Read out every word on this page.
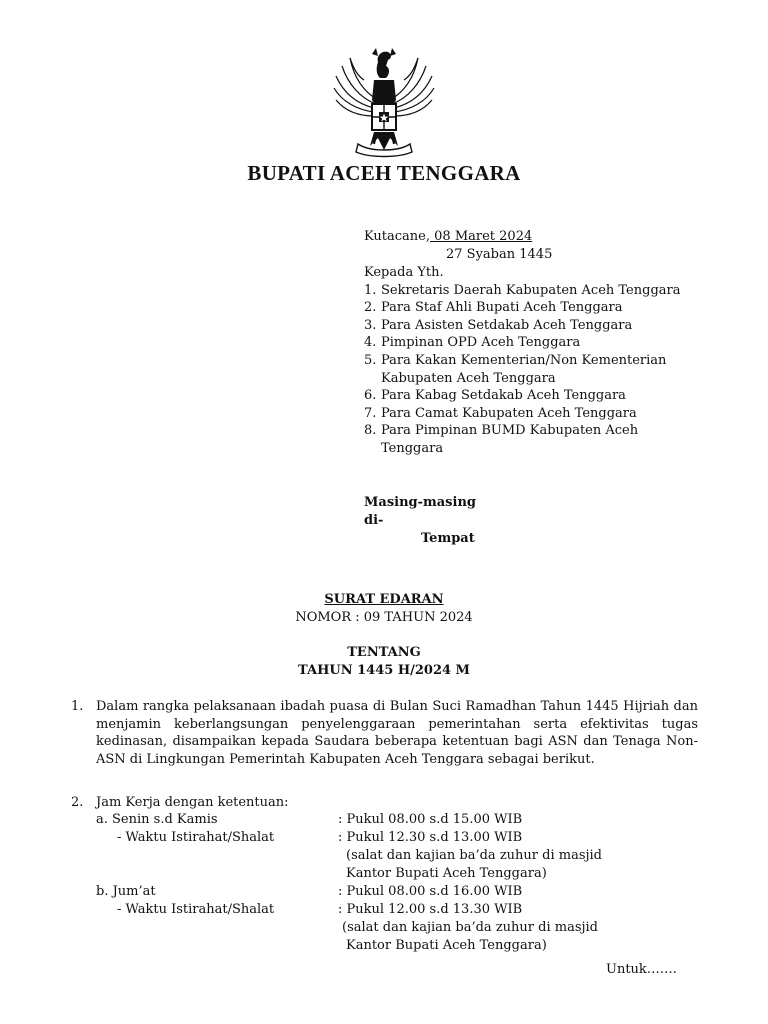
BUPATI ACEH TENGGARA
Kutacane, 08 Maret 2024
27 Syaban 1445
Kepada Yth.
1. Sekretaris Daerah Kabupaten Aceh Tenggara
2. Para Staf Ahli Bupati Aceh Tenggara
3. Para Asisten Setdakab Aceh Tenggara
4. Pimpinan OPD Aceh Tenggara
5. Para Kakan Kementerian/Non Kementerian Kabupaten Aceh Tenggara
6. Para Kabag Setdakab Aceh Tenggara
7. Para Camat Kabupaten Aceh Tenggara
8. Para Pimpinan BUMD Kabupaten Aceh Tenggara
Masing-masing
di-
Tempat
SURAT EDARAN
NOMOR : 09 TAHUN 2024
TENTANG
TAHUN 1445 H/2024 M
1. Dalam rangka pelaksanaan ibadah puasa di Bulan Suci Ramadhan Tahun 1445 Hijriah dan menjamin keberlangsungan penyelenggaraan pemerintahan serta efektivitas tugas kedinasan, disampaikan kepada Saudara beberapa ketentuan bagi ASN dan Tenaga Non-ASN di Lingkungan Pemerintah Kabupaten Aceh Tenggara sebagai berikut.
2. Jam Kerja dengan ketentuan:
a. Senin s.d Kamis	: Pukul 08.00 s.d 15.00 WIB
- Waktu Istirahat/Shalat	: Pukul 12.30 s.d 13.00 WIB
(salat dan kajian ba’da zuhur di masjid
Kantor Bupati Aceh Tenggara)
b. Jum’at	: Pukul 08.00 s.d 16.00 WIB
- Waktu Istirahat/Shalat	: Pukul 12.00 s.d 13.30 WIB
(salat dan kajian ba’da zuhur di masjid
Kantor Bupati Aceh Tenggara)
Untuk…….
